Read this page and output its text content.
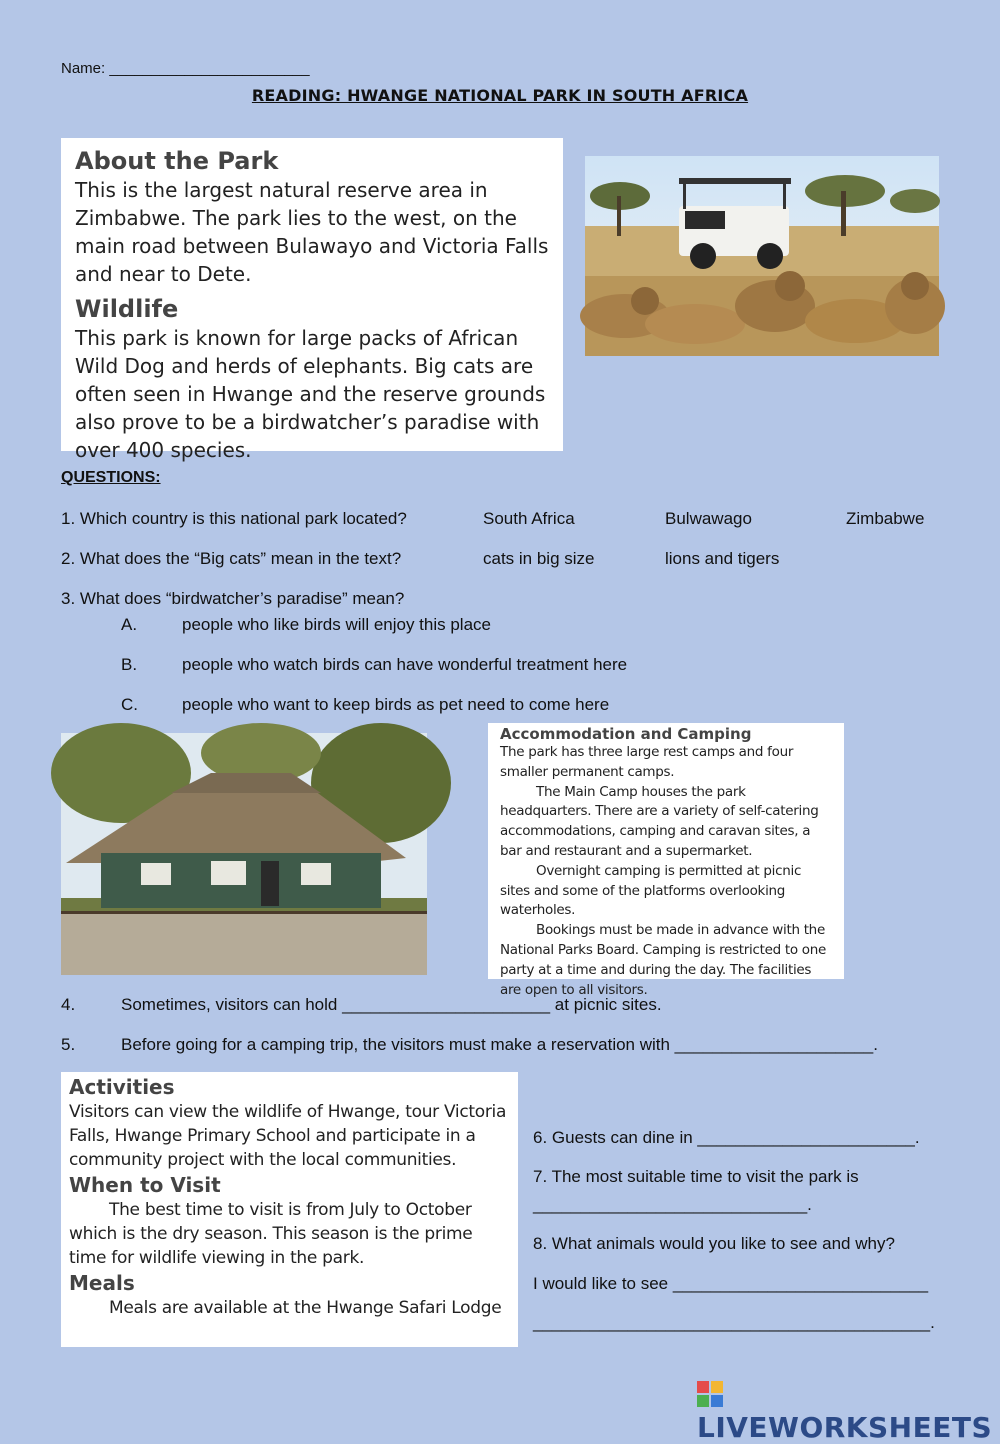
Name: ________________________
READING: HWANGE NATIONAL PARK IN SOUTH AFRICA
About the Park

This is the largest natural reserve area in Zimbabwe. The park lies to the west, on the main road between Bulawayo and Victoria Falls and near to Dete.

Wildlife

This park is known for large packs of African Wild Dog and herds of elephants. Big cats are often seen in Hwange and the reserve grounds also prove to be a birdwatcher’s paradise with over 400 species.

QUESTIONS:
1. Which country is this national park located?	South Africa	Bulwawago	Zimbabwe
2. What does the “Big cats” mean in the text?	cats in big size	lions and tigers
3. What does “birdwatcher’s paradise” mean?
A.	people who like birds will enjoy this place
B.	people who watch birds can have wonderful treatment here
C.	people who want to keep birds as pet need to come here
Accommodation and Camping

The park has three large rest camps and four smaller permanent camps.

The Main Camp houses the park headquarters. There are a variety of self-catering accommodations, camping and caravan sites, a bar and restaurant and a supermarket.

Overnight camping is permitted at picnic sites and some of the platforms overlooking waterholes.

Bookings must be made in advance with the National Parks Board. Camping is restricted to one party at a time and during the day. The facilities are open to all visitors.

4.	Sometimes, visitors can hold ______________________ at picnic sites.
5.	Before going for a camping trip, the visitors must make a reservation with _____________________.
Activities

Visitors can view the wildlife of Hwange, tour Victoria Falls, Hwange Primary School and participate in a community project with the local communities.

When to Visit

The best time to visit is from July to October which is the dry season. This season is the prime time for wildlife viewing in the park.

Meals

Meals are available at the Hwange Safari Lodge

6. Guests can dine in _______________________.
7. The most suitable time to visit the park is
_____________________________.
8. What animals would you like to see and why?
I would like to see ___________________________
__________________________________________.
LIVEWORKSHEETS
